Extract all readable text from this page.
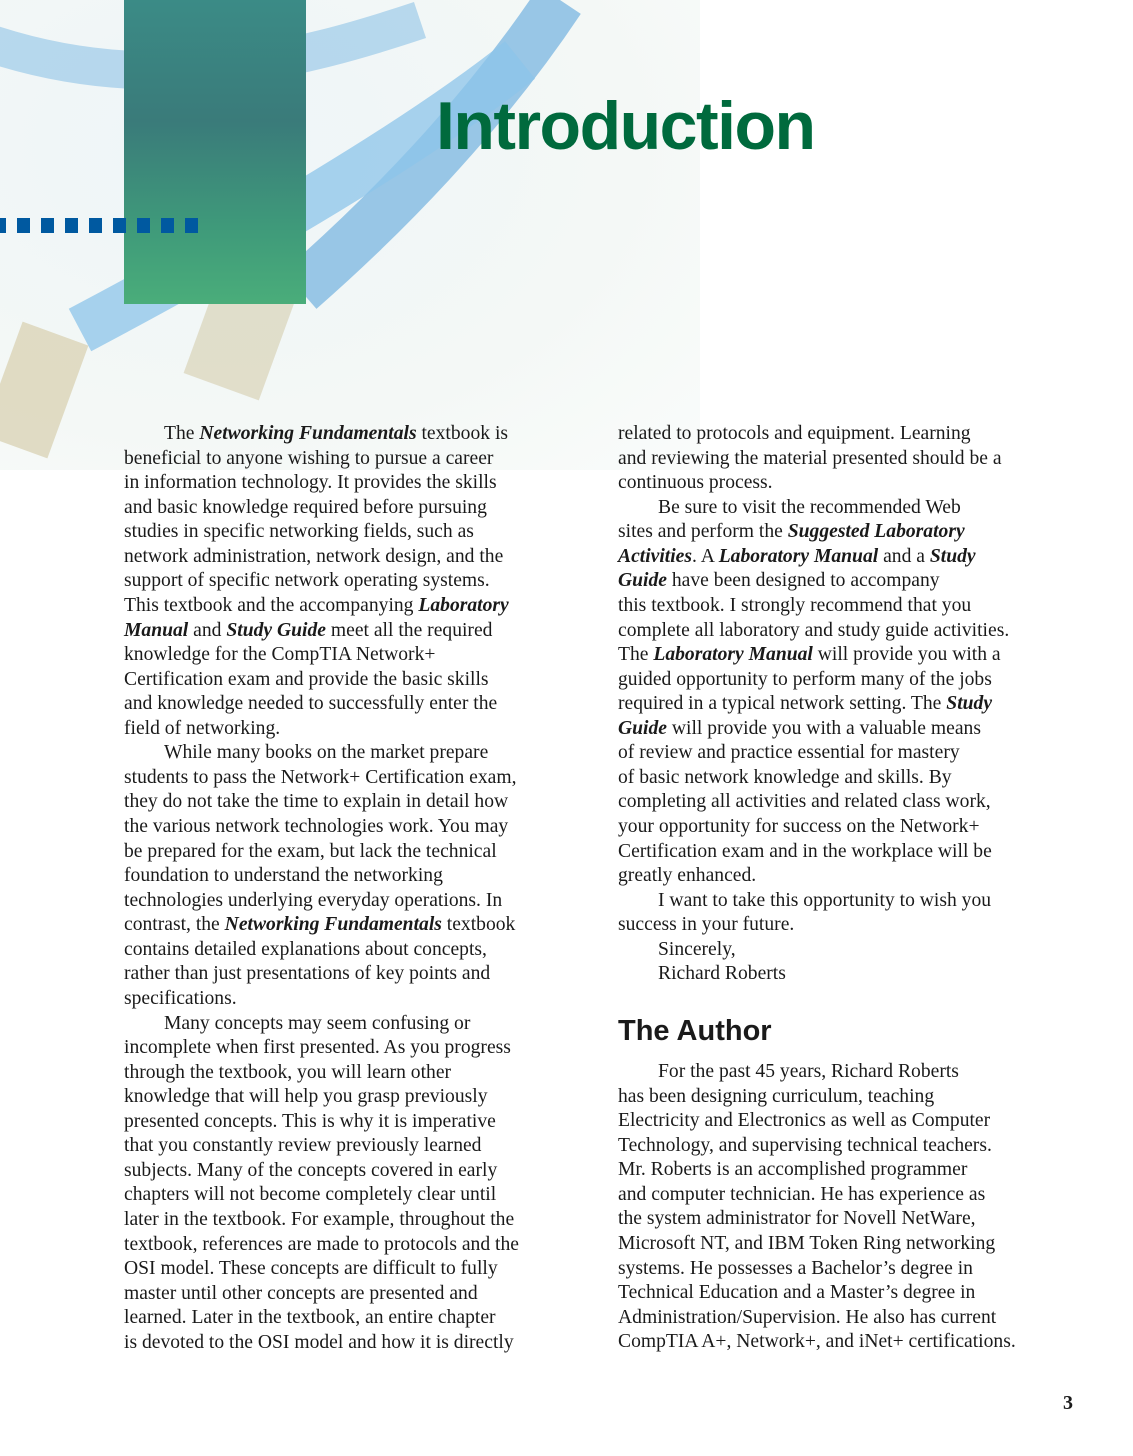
Introduction
The Networking Fundamentals textbook is
beneficial to anyone wishing to pursue a career
in information technology. It provides the skills
and basic knowledge required before pursuing
studies in specific networking fields, such as
network administration, network design, and the
support of specific network operating systems.
This textbook and the accompanying Laboratory
Manual and Study Guide meet all the required
knowledge for the CompTIA Network+
Certification exam and provide the basic skills
and knowledge needed to successfully enter the
field of networking.
While many books on the market prepare
students to pass the Network+ Certification exam,
they do not take the time to explain in detail how
the various network technologies work. You may
be prepared for the exam, but lack the technical
foundation to understand the networking
technologies underlying everyday operations. In
contrast, the Networking Fundamentals textbook
contains detailed explanations about concepts,
rather than just presentations of key points and
specifications.
Many concepts may seem confusing or
incomplete when first presented. As you progress
through the textbook, you will learn other
knowledge that will help you grasp previously
presented concepts. This is why it is imperative
that you constantly review previously learned
subjects. Many of the concepts covered in early
chapters will not become completely clear until
later in the textbook. For example, throughout the
textbook, references are made to protocols and the
OSI model. These concepts are difficult to fully
master until other concepts are presented and
learned. Later in the textbook, an entire chapter
is devoted to the OSI model and how it is directly
related to protocols and equipment. Learning
and reviewing the material presented should be a
continuous process.
Be sure to visit the recommended Web
sites and perform the Suggested Laboratory
Activities. A Laboratory Manual and a Study
Guide have been designed to accompany
this textbook. I strongly recommend that you
complete all laboratory and study guide activities.
The Laboratory Manual will provide you with a
guided opportunity to perform many of the jobs
required in a typical network setting. The Study
Guide will provide you with a valuable means
of review and practice essential for mastery
of basic network knowledge and skills. By
completing all activities and related class work,
your opportunity for success on the Network+
Certification exam and in the workplace will be
greatly enhanced.
I want to take this opportunity to wish you
success in your future.
Sincerely,
Richard Roberts
The Author
For the past 45 years, Richard Roberts
has been designing curriculum, teaching
Electricity and Electronics as well as Computer
Technology, and supervising technical teachers.
Mr. Roberts is an accomplished programmer
and computer technician. He has experience as
the system administrator for Novell NetWare,
Microsoft NT, and IBM Token Ring networking
systems. He possesses a Bachelor’s degree in
Technical Education and a Master’s degree in
Administration/Supervision. He also has current
CompTIA A+, Network+, and iNet+ certifications.
3
